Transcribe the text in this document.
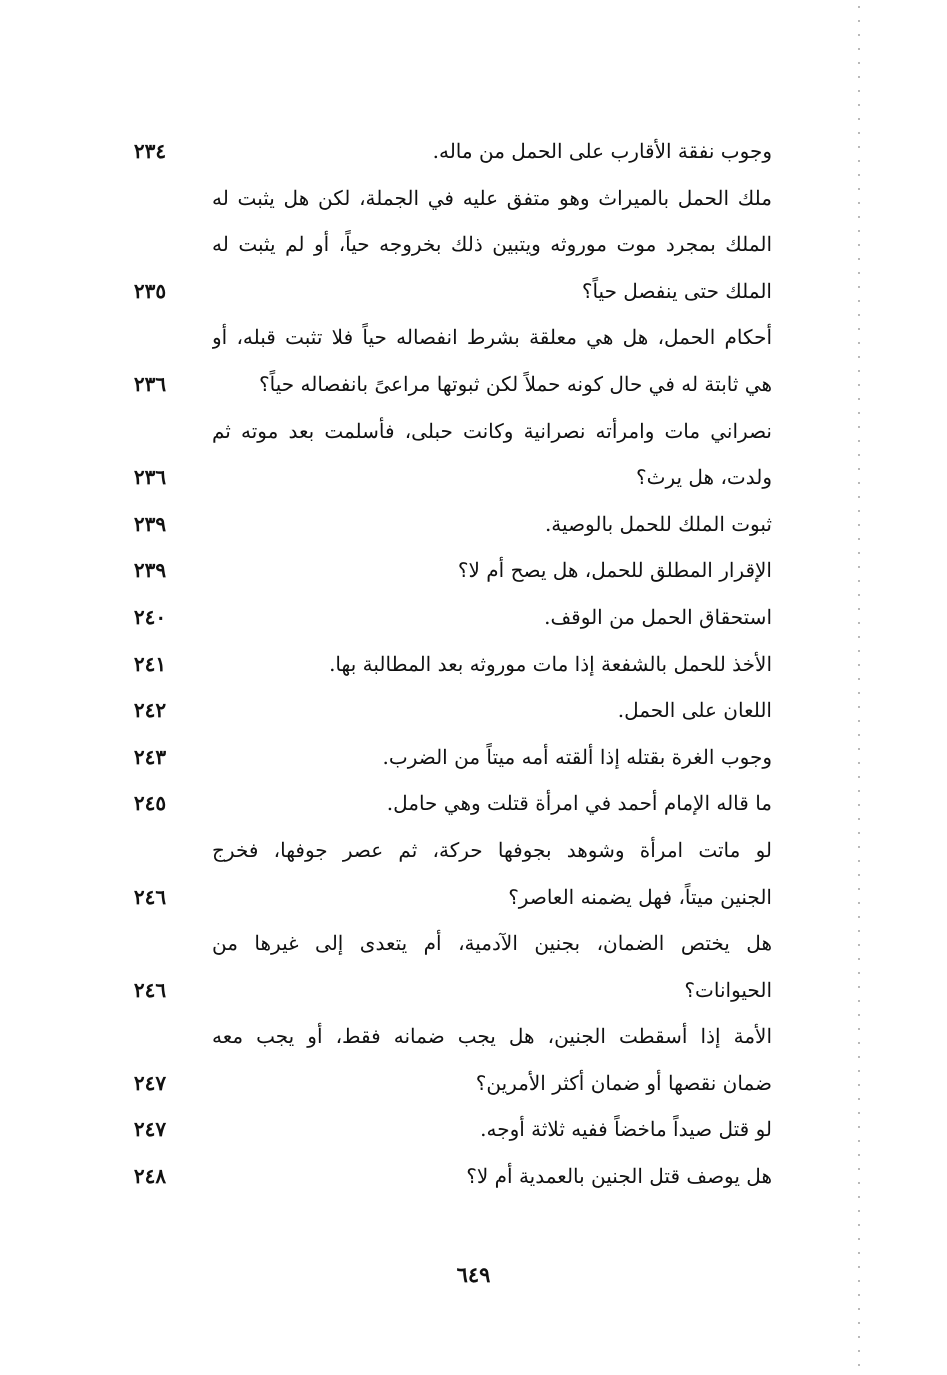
وجوب نفقة الأقارب على الحمل من ماله.
٢٣٤
ملك الحمل بالميراث وهو متفق عليه في الجملة، لكن هل يثبت له
الملك بمجرد موت موروثه ويتبين ذلك بخروجه حياً، أو لم يثبت له
الملك حتى ينفصل حياً؟
٢٣٥
أحكام الحمل، هل هي معلقة بشرط انفصاله حياً فلا تثبت قبله، أو
هي ثابتة له في حال كونه حملاً لكن ثبوتها مراعىً بانفصاله حياً؟
٢٣٦
نصراني مات وامرأته نصرانية وكانت حبلى، فأسلمت بعد موته ثم
ولدت، هل يرث؟
٢٣٦
ثبوت الملك للحمل بالوصية.
٢٣٩
الإقرار المطلق للحمل، هل يصح أم لا؟
٢٣٩
استحقاق الحمل من الوقف.
٢٤٠
الأخذ للحمل بالشفعة إذا مات موروثه بعد المطالبة بها.
٢٤١
اللعان على الحمل.
٢٤٢
وجوب الغرة بقتله إذا ألقته أمه ميتاً من الضرب.
٢٤٣
ما قاله الإمام أحمد في امرأة قتلت وهي حامل.
٢٤٥
لو ماتت امرأة وشوهد بجوفها حركة، ثم عصر جوفها، فخرج
الجنين ميتاً، فهل يضمنه العاصر؟
٢٤٦
هل يختص الضمان، بجنين الآدمية، أم يتعدى إلى غيرها من
الحيوانات؟
٢٤٦
الأمة إذا أسقطت الجنين، هل يجب ضمانه فقط، أو يجب معه
ضمان نقصها أو ضمان أكثر الأمرين؟
٢٤٧
لو قتل صيداً ماخضاً ففيه ثلاثة أوجه.
٢٤٧
هل يوصف قتل الجنين بالعمدية أم لا؟
٢٤٨
٦٤٩
